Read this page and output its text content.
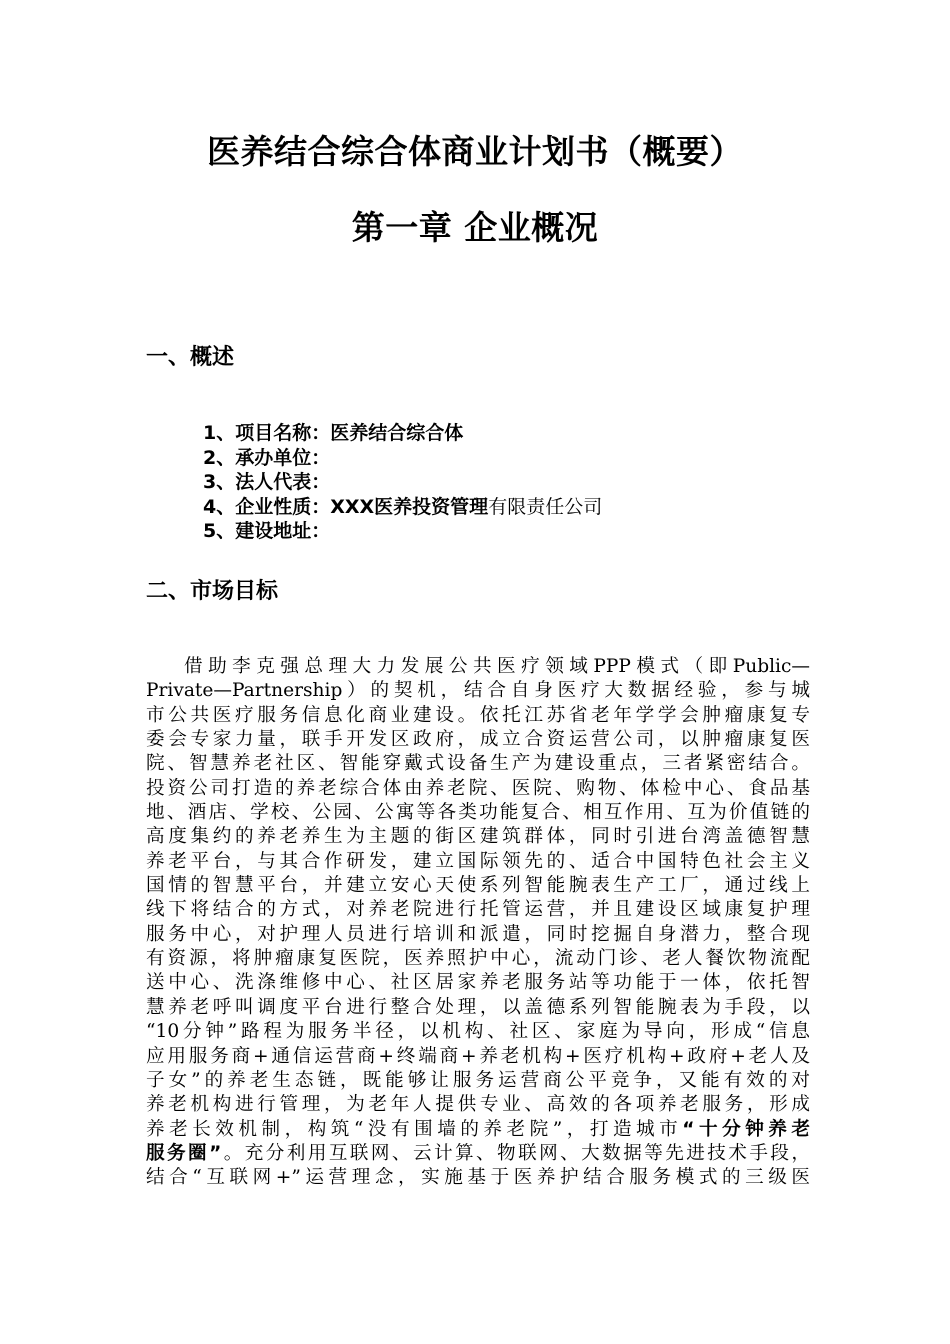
医养结合综合体商业计划书（概要）
第一章 企业概况
一、概述
1、项目名称：医养结合综合体
2、承办单位：
3、法人代表：
4、企业性质：XXX医养投资管理有限责任公司
5、建设地址：
二、市场目标
借助李克强总理大力发展公共医疗领域PPP模式（即Public—
Private—Partnership）的契机，结合自身医疗大数据经验，参与城
市公共医疗服务信息化商业建设。依托江苏省老年学学会肿瘤康复专
委会专家力量，联手开发区政府，成立合资运营公司，以肿瘤康复医
院、智慧养老社区、智能穿戴式设备生产为建设重点，三者紧密结合。
投资公司打造的养老综合体由养老院、医院、购物、体检中心、食品基
地、酒店、学校、公园、公寓等各类功能复合、相互作用、互为价值链的
高度集约的养老养生为主题的街区建筑群体，同时引进台湾盖德智慧
养老平台，与其合作研发，建立国际领先的、适合中国特色社会主义
国情的智慧平台，并建立安心天使系列智能腕表生产工厂，通过线上
线下将结合的方式，对养老院进行托管运营，并且建设区域康复护理
服务中心，对护理人员进行培训和派遣，同时挖掘自身潜力，整合现
有资源，将肿瘤康复医院，医养照护中心，流动门诊、老人餐饮物流配
送中心、洗涤维修中心、社区居家养老服务站等功能于一体，依托智
慧养老呼叫调度平台进行整合处理，以盖德系列智能腕表为手段，以
“10分钟”路程为服务半径，以机构、社区、家庭为导向，形成“信息
应用服务商+通信运营商+终端商+养老机构+医疗机构+政府+老人及
子女”的养老生态链，既能够让服务运营商公平竞争，又能有效的对
养老机构进行管理，为老年人提供专业、高效的各项养老服务，形成
养老长效机制，构筑“没有围墙的养老院”，打造城市“十分钟养老
服务圈”。充分利用互联网、云计算、物联网、大数据等先进技术手段，
结合“互联网+”运营理念，实施基于医养护结合服务模式的三级医
